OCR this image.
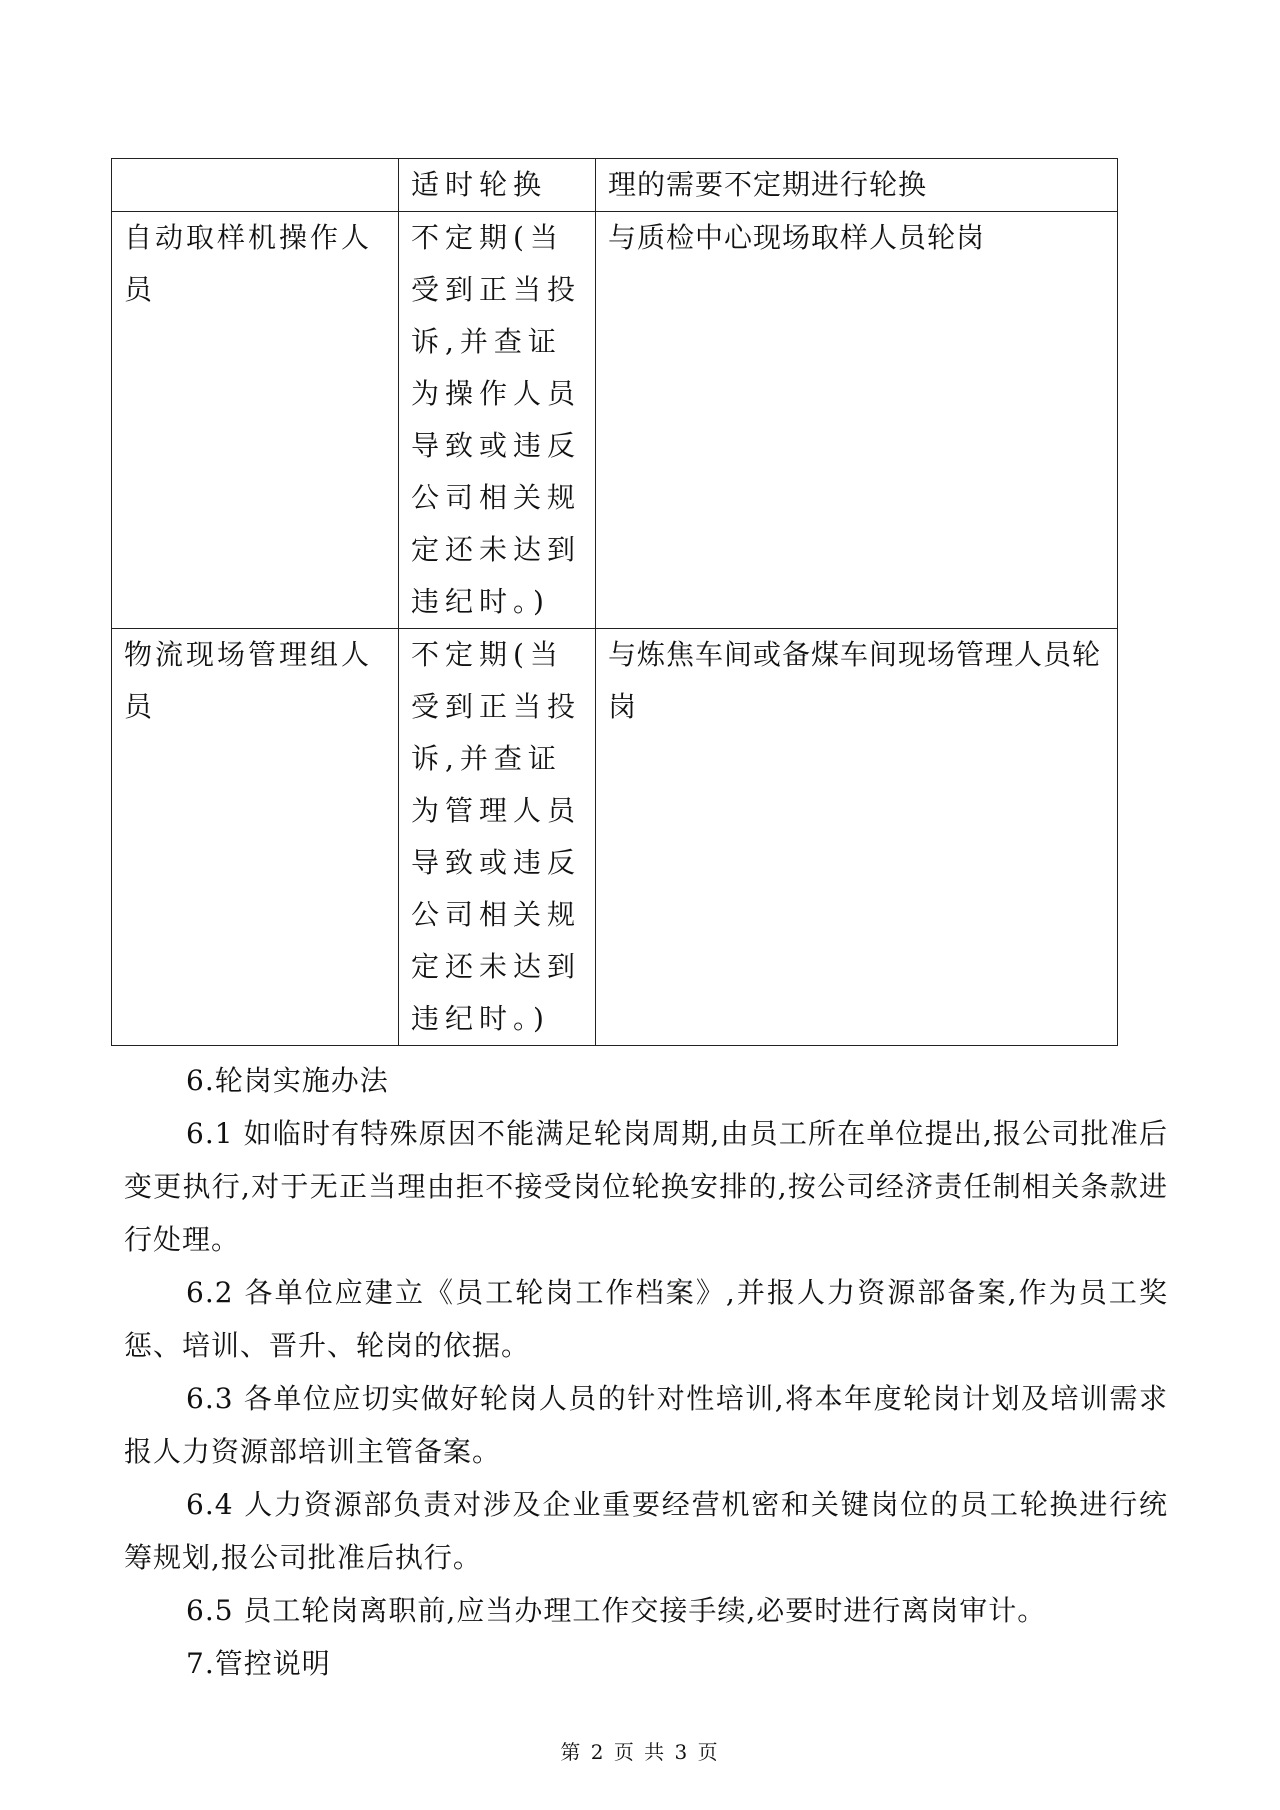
	适时轮换	理的需要不定期进行轮换
自动取样机操作人员	不定期(当受到正当投诉,并查证为操作人员导致或违反公司相关规定还未达到违纪时。)	与质检中心现场取样人员轮岗
物流现场管理组人员	不定期(当受到正当投诉,并查证为管理人员导致或违反公司相关规定还未达到违纪时。)	与炼焦车间或备煤车间现场管理人员轮岗

6.轮岗实施办法

6.1 如临时有特殊原因不能满足轮岗周期,由员工所在单位提出,报公司批准后变更执行,对于无正当理由拒不接受岗位轮换安排的,按公司经济责任制相关条款进行处理。

6.2 各单位应建立《员工轮岗工作档案》,并报人力资源部备案,作为员工奖惩、培训、晋升、轮岗的依据。

6.3 各单位应切实做好轮岗人员的针对性培训,将本年度轮岗计划及培训需求报人力资源部培训主管备案。

6.4 人力资源部负责对涉及企业重要经营机密和关键岗位的员工轮换进行统筹规划,报公司批准后执行。

6.5 员工轮岗离职前,应当办理工作交接手续,必要时进行离岗审计。

7.管控说明

第 2 页 共 3 页
